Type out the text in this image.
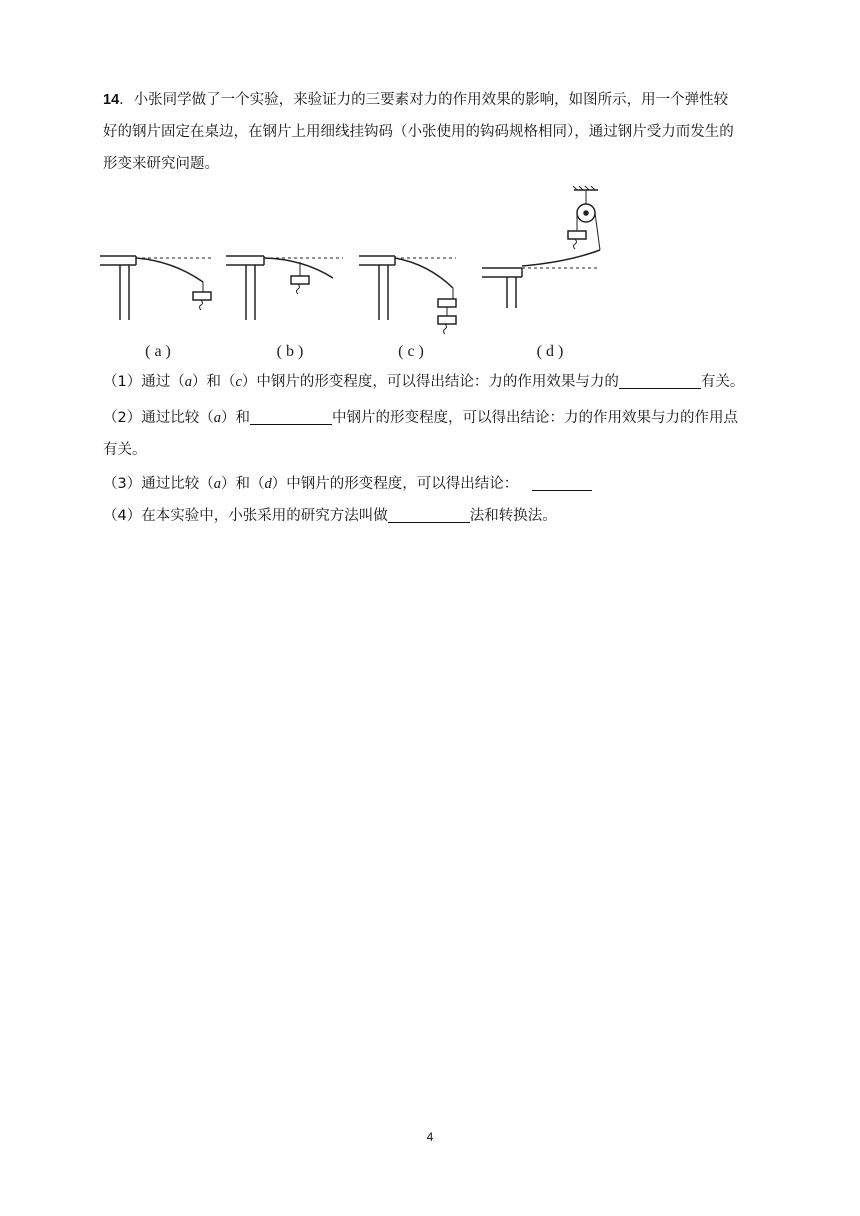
14．小张同学做了一个实验，来验证力的三要素对力的作用效果的影响，如图所示，用一个弹性较
好的钢片固定在桌边，在钢片上用细线挂钩码（小张使用的钩码规格相同），通过钢片受力而发生的
形变来研究问题。

( a )	( b )	( c )	( d )

（1）通过（a）和（c）中钢片的形变程度，可以得出结论：力的作用效果与力的	有关。

（2）通过比较（a）和	中钢片的形变程度，可以得出结论：力的作用效果与力的作用点
有关。

（3）通过比较（a）和（d）中钢片的形变程度，可以得出结论：

（4）在本实验中，小张采用的研究方法叫做	法和转换法。

4
